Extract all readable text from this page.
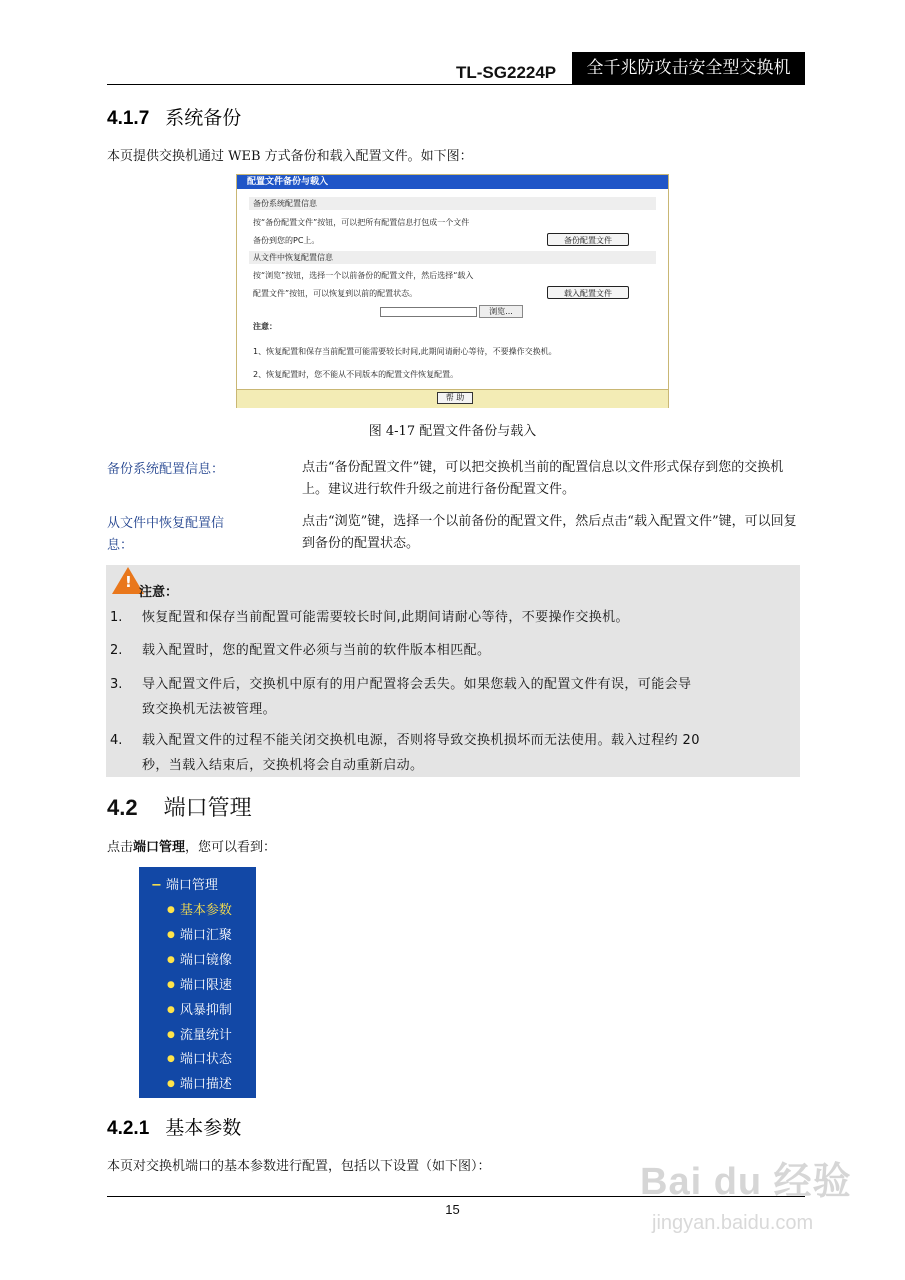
TL-SG2224P	全千兆防攻击安全型交换机
4.1.7 系统备份
本页提供交换机通过 WEB 方式备份和载入配置文件。如下图：
配置文件备份与载入
备份系统配置信息
按“备份配置文件”按钮，可以把所有配置信息打包成一个文件
备份到您的PC上。	备份配置文件
从文件中恢复配置信息
按“浏览”按钮，选择一个以前备份的配置文件，然后选择“载入
配置文件”按钮，可以恢复到以前的配置状态。	载入配置文件
浏览...
注意：
1、恢复配置和保存当前配置可能需要较长时间,此期间请耐心等待，不要操作交换机。
2、恢复配置时，您不能从不同版本的配置文件恢复配置。
帮 助
图 4-17 配置文件备份与载入
备份系统配置信息：	点击“备份配置文件”键，可以把交换机当前的配置信息以文件形式保存到您的交换机上。建议进行软件升级之前进行备份配置文件。
从文件中恢复配置信
息：
点击“浏览”键，选择一个以前备份的配置文件，然后点击“载入配置文件”键，可以回复到备份的配置状态。
!
注意：
1. 恢复配置和保存当前配置可能需要较长时间,此期间请耐心等待，不要操作交换机。
2. 载入配置时，您的配置文件必须与当前的软件版本相匹配。
3. 导入配置文件后，交换机中原有的用户配置将会丢失。如果您载入的配置文件有误，可能会导
致交换机无法被管理。
4. 载入配置文件的过程不能关闭交换机电源，否则将导致交换机损坏而无法使用。载入过程约 20
秒，当载入结束后，交换机将会自动重新启动。
4.2 端口管理
点击端口管理，您可以看到：
− 端口管理
● 基本参数
● 端口汇聚
● 端口镜像
● 端口限速
● 风暴抑制
● 流量统计
● 端口状态
● 端口描述
4.2.1 基本参数
本页对交换机端口的基本参数进行配置，包括以下设置（如下图）：
15
Bai du 经验
jingyan.baidu.com
